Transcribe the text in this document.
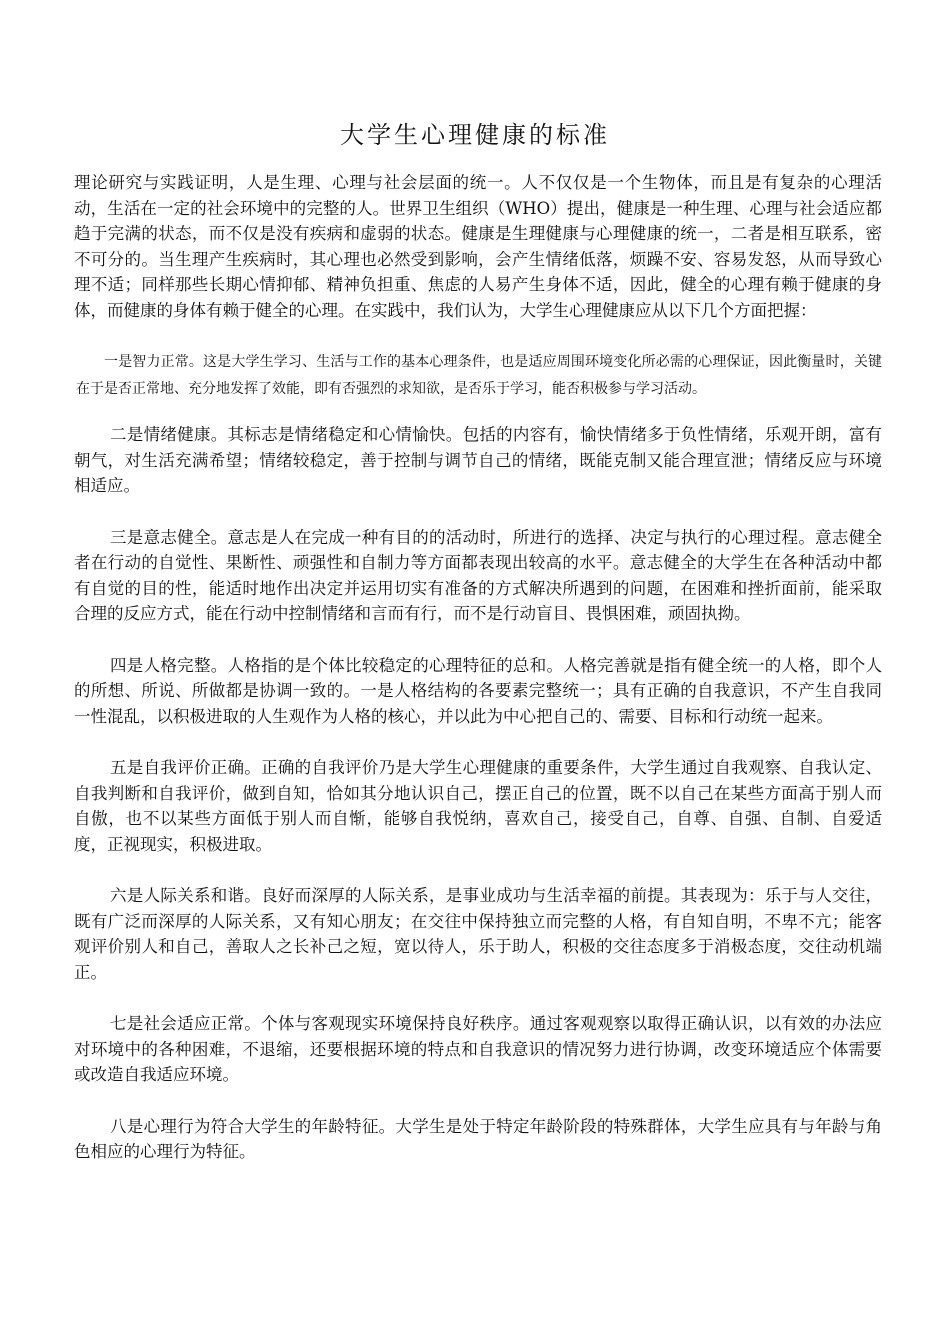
大学生心理健康的标准

理论研究与实践证明，人是生理、心理与社会层面的统一。人不仅仅是一个生物体，而且是有复杂的心理活动，生活在一定的社会环境中的完整的人。世界卫生组织（WHO）提出，健康是一种生理、心理与社会适应都趋于完满的状态，而不仅是没有疾病和虚弱的状态。健康是生理健康与心理健康的统一，二者是相互联系，密不可分的。当生理产生疾病时，其心理也必然受到影响，会产生情绪低落，烦躁不安、容易发怒，从而导致心理不适；同样那些长期心情抑郁、精神负担重、焦虑的人易产生身体不适，因此，健全的心理有赖于健康的身体，而健康的身体有赖于健全的心理。在实践中，我们认为，大学生心理健康应从以下几个方面把握：

一是智力正常。这是大学生学习、生活与工作的基本心理条件，也是适应周围环境变化所必需的心理保证，因此衡量时，关键在于是否正常地、充分地发挥了效能，即有否强烈的求知欲，是否乐于学习，能否积极参与学习活动。

二是情绪健康。其标志是情绪稳定和心情愉快。包括的内容有，愉快情绪多于负性情绪，乐观开朗，富有朝气，对生活充满希望；情绪较稳定，善于控制与调节自己的情绪，既能克制又能合理宣泄；情绪反应与环境相适应。

三是意志健全。意志是人在完成一种有目的的活动时，所进行的选择、决定与执行的心理过程。意志健全者在行动的自觉性、果断性、顽强性和自制力等方面都表现出较高的水平。意志健全的大学生在各种活动中都有自觉的目的性，能适时地作出决定并运用切实有准备的方式解决所遇到的问题，在困难和挫折面前，能采取合理的反应方式，能在行动中控制情绪和言而有行，而不是行动盲目、畏惧困难，顽固执拗。

四是人格完整。人格指的是个体比较稳定的心理特征的总和。人格完善就是指有健全统一的人格，即个人的所想、所说、所做都是协调一致的。一是人格结构的各要素完整统一；具有正确的自我意识，不产生自我同一性混乱，以积极进取的人生观作为人格的核心，并以此为中心把自己的、需要、目标和行动统一起来。

五是自我评价正确。正确的自我评价乃是大学生心理健康的重要条件，大学生通过自我观察、自我认定、自我判断和自我评价，做到自知，恰如其分地认识自己，摆正自己的位置，既不以自己在某些方面高于别人而自傲，也不以某些方面低于别人而自惭，能够自我悦纳，喜欢自己，接受自己，自尊、自强、自制、自爱适度，正视现实，积极进取。

六是人际关系和谐。良好而深厚的人际关系，是事业成功与生活幸福的前提。其表现为：乐于与人交往，既有广泛而深厚的人际关系，又有知心朋友；在交往中保持独立而完整的人格，有自知自明，不卑不亢；能客观评价别人和自己，善取人之长补己之短，宽以待人，乐于助人，积极的交往态度多于消极态度，交往动机端正。

七是社会适应正常。个体与客观现实环境保持良好秩序。通过客观观察以取得正确认识，以有效的办法应对环境中的各种困难，不退缩，还要根据环境的特点和自我意识的情况努力进行协调，改变环境适应个体需要或改造自我适应环境。

八是心理行为符合大学生的年龄特征。大学生是处于特定年龄阶段的特殊群体，大学生应具有与年龄与角色相应的心理行为特征。
